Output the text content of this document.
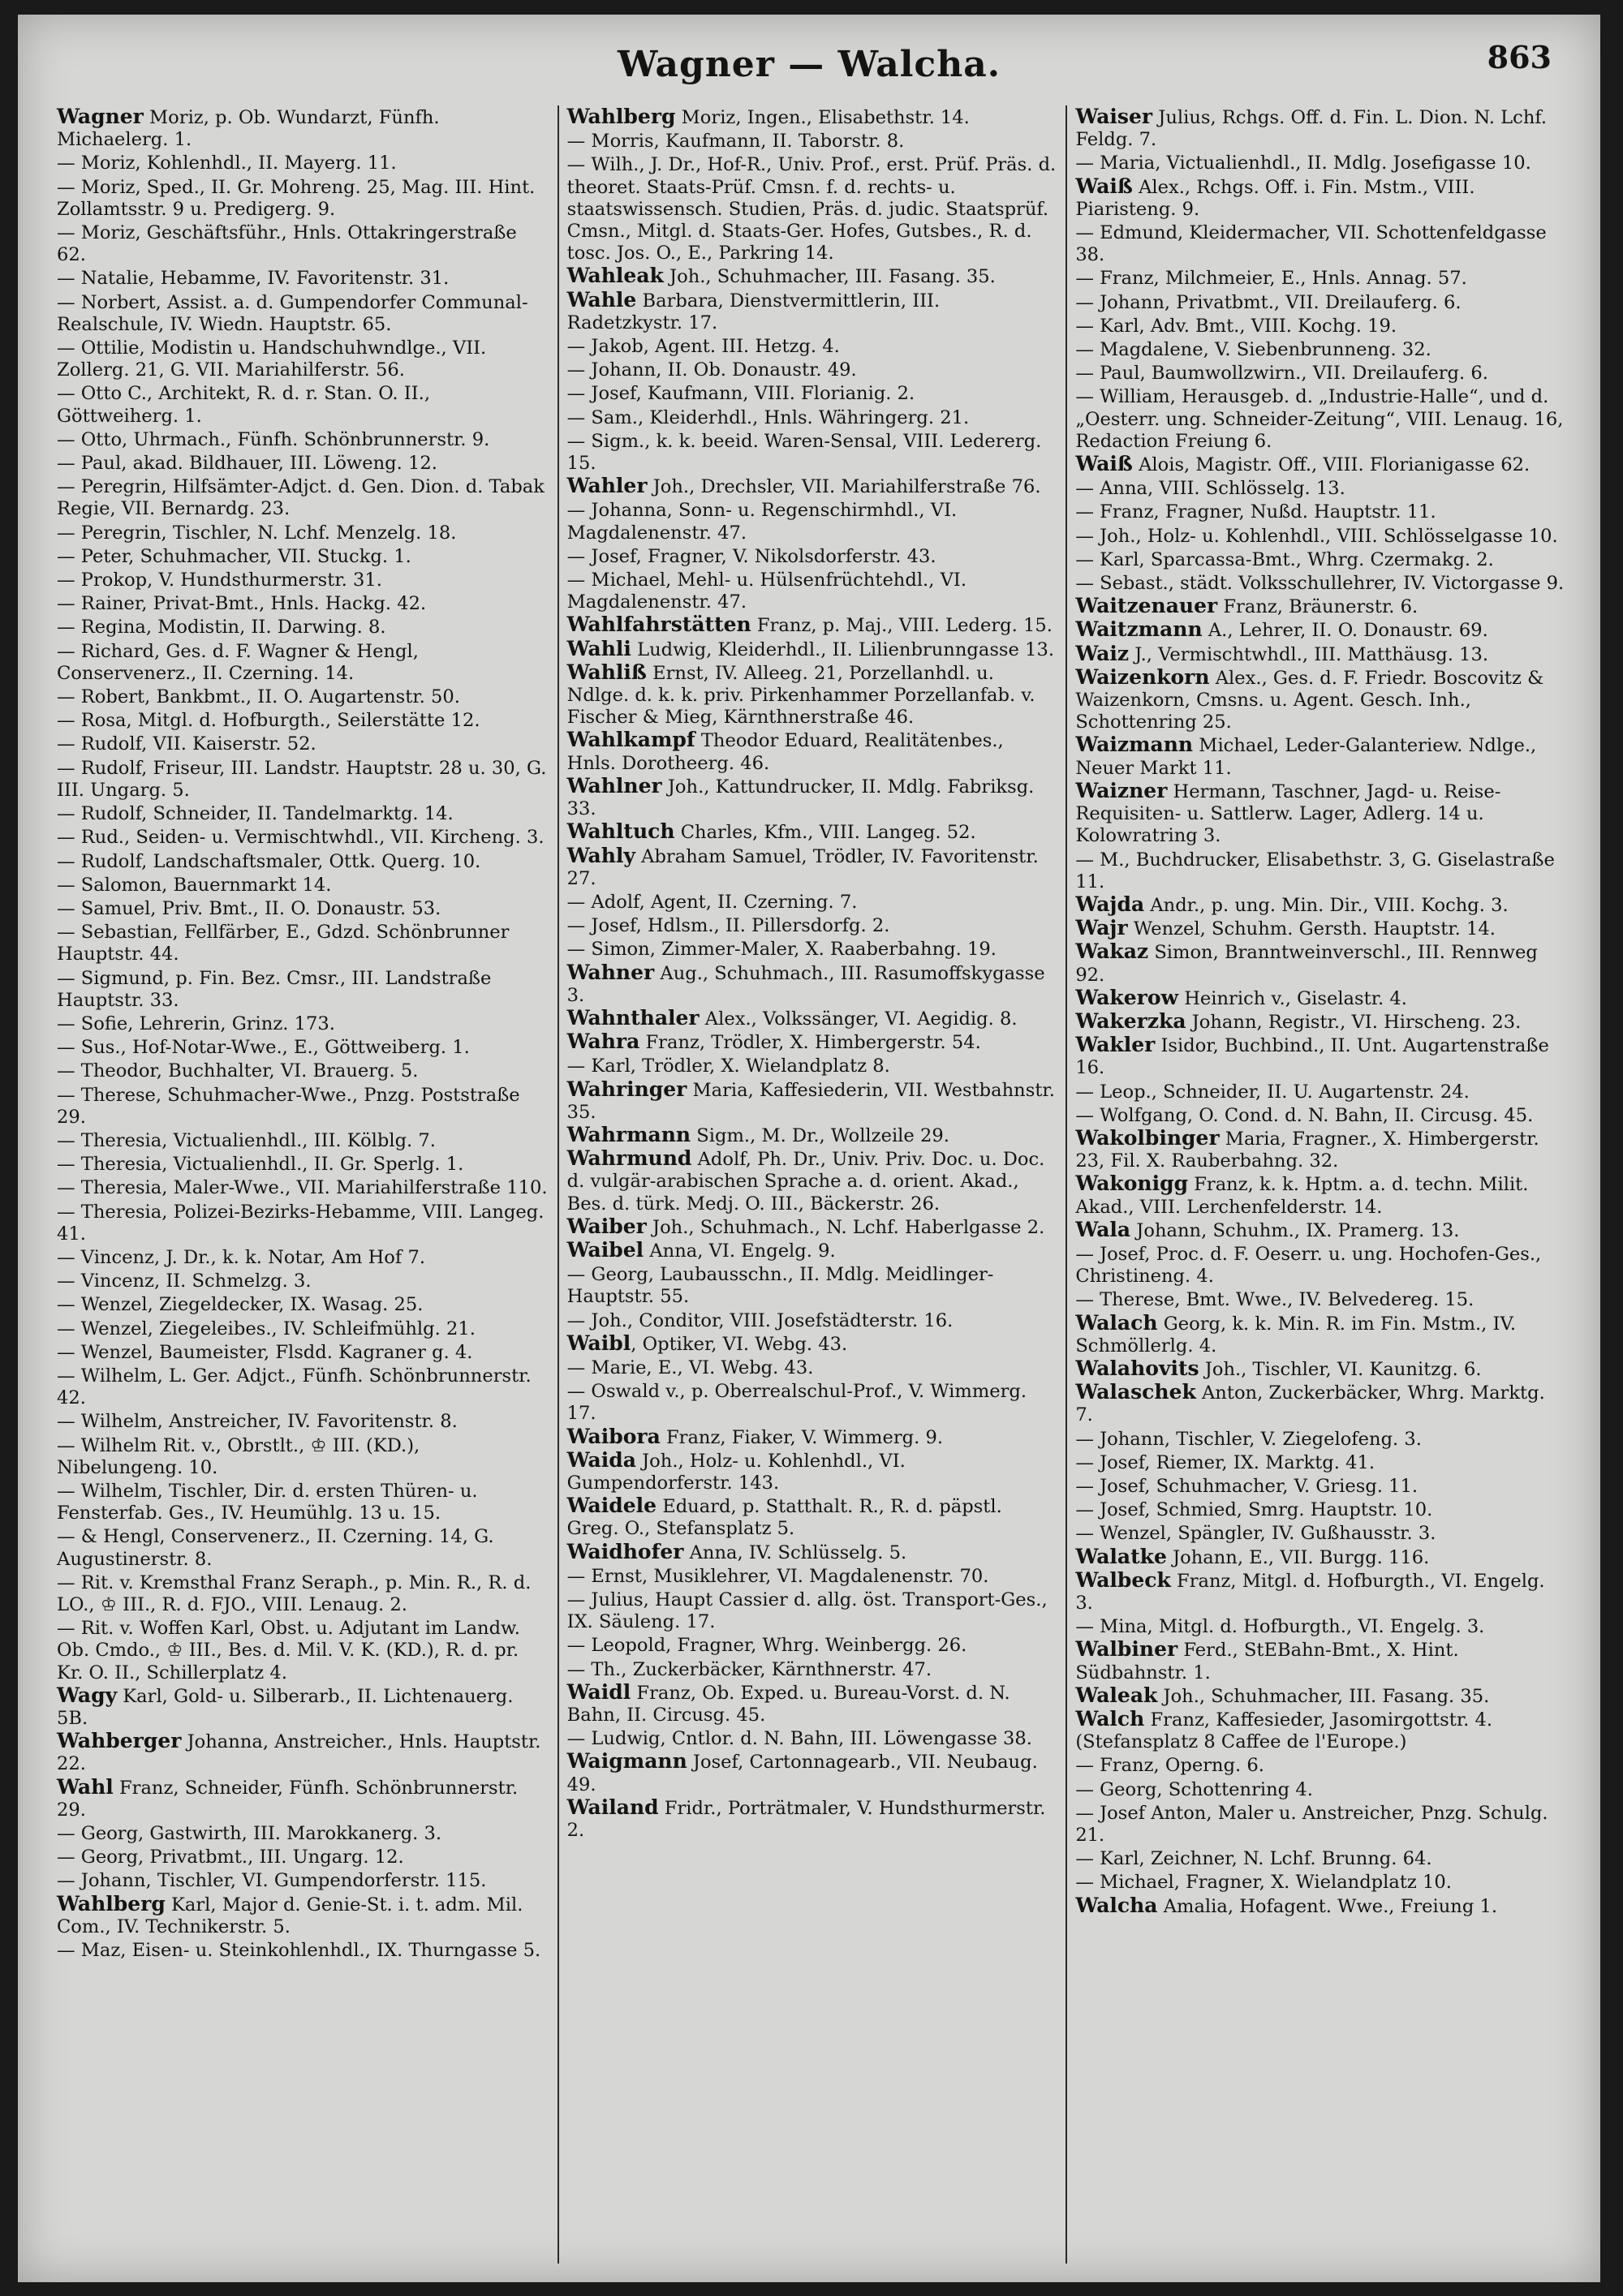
Wagner — Walcha.	863

Wagner Moriz, p. Ob. Wundarzt, Fünfh. Michaelerg. 1.

— Moriz, Kohlenhdl., II. Mayerg. 11.

— Moriz, Sped., II. Gr. Mohreng. 25, Mag. III. Hint. Zollamtsstr. 9 u. Predigerg. 9.

— Moriz, Geschäftsführ., Hnls. Ottakringerstraße 62.

— Natalie, Hebamme, IV. Favoritenstr. 31.

— Norbert, Assist. a. d. Gumpendorfer Communal-Realschule, IV. Wiedn. Hauptstr. 65.

— Ottilie, Modistin u. Handschuhwndlge., VII. Zollerg. 21, G. VII. Mariahilferstr. 56.

— Otto C., Architekt, R. d. r. Stan. O. II., Göttweiherg. 1.

— Otto, Uhrmach., Fünfh. Schönbrunnerstr. 9.

— Paul, akad. Bildhauer, III. Löweng. 12.

— Peregrin, Hilfsämter-Adjct. d. Gen. Dion. d. Tabak Regie, VII. Bernardg. 23.

— Peregrin, Tischler, N. Lchf. Menzelg. 18.

— Peter, Schuhmacher, VII. Stuckg. 1.

— Prokop, V. Hundsthurmerstr. 31.

— Rainer, Privat-Bmt., Hnls. Hackg. 42.

— Regina, Modistin, II. Darwing. 8.

— Richard, Ges. d. F. Wagner & Hengl, Conservenerz., II. Czerning. 14.

— Robert, Bankbmt., II. O. Augartenstr. 50.

— Rosa, Mitgl. d. Hofburgth., Seilerstätte 12.

— Rudolf, VII. Kaiserstr. 52.

— Rudolf, Friseur, III. Landstr. Hauptstr. 28 u. 30, G. III. Ungarg. 5.

— Rudolf, Schneider, II. Tandelmarktg. 14.

— Rud., Seiden- u. Vermischtwhdl., VII. Kircheng. 3.

— Rudolf, Landschaftsmaler, Ottk. Querg. 10.

— Salomon, Bauernmarkt 14.

— Samuel, Priv. Bmt., II. O. Donaustr. 53.

— Sebastian, Fellfärber, E., Gdzd. Schönbrunner Hauptstr. 44.

— Sigmund, p. Fin. Bez. Cmsr., III. Landstraße Hauptstr. 33.

— Sofie, Lehrerin, Grinz. 173.

— Sus., Hof-Notar-Wwe., E., Göttweiberg. 1.

— Theodor, Buchhalter, VI. Brauerg. 5.

— Therese, Schuhmacher-Wwe., Pnzg. Poststraße 29.

— Theresia, Victualienhdl., III. Kölblg. 7.

— Theresia, Victualienhdl., II. Gr. Sperlg. 1.

— Theresia, Maler-Wwe., VII. Mariahilferstraße 110.

— Theresia, Polizei-Bezirks-Hebamme, VIII. Langeg. 41.

— Vincenz, J. Dr., k. k. Notar, Am Hof 7.

— Vincenz, II. Schmelzg. 3.

— Wenzel, Ziegeldecker, IX. Wasag. 25.

— Wenzel, Ziegeleibes., IV. Schleifmühlg. 21.

— Wenzel, Baumeister, Flsdd. Kagraner g. 4.

— Wilhelm, L. Ger. Adjct., Fünfh. Schönbrunnerstr. 42.

— Wilhelm, Anstreicher, IV. Favoritenstr. 8.

— Wilhelm Rit. v., Obrstlt., ♔ III. (KD.), Nibelungeng. 10.

— Wilhelm, Tischler, Dir. d. ersten Thüren- u. Fensterfab. Ges., IV. Heumühlg. 13 u. 15.

— & Hengl, Conservenerz., II. Czerning. 14, G. Augustinerstr. 8.

— Rit. v. Kremsthal Franz Seraph., p. Min. R., R. d. LO., ♔ III., R. d. FJO., VIII. Lenaug. 2.

— Rit. v. Woffen Karl, Obst. u. Adjutant im Landw. Ob. Cmdo., ♔ III., Bes. d. Mil. V. K. (KD.), R. d. pr. Kr. O. II., Schillerplatz 4.

Wagy Karl, Gold- u. Silberarb., II. Lichtenauerg. 5B.

Wahberger Johanna, Anstreicher., Hnls. Hauptstr. 22.

Wahl Franz, Schneider, Fünfh. Schönbrunnerstr. 29.

— Georg, Gastwirth, III. Marokkanerg. 3.

— Georg, Privatbmt., III. Ungarg. 12.

— Johann, Tischler, VI. Gumpendorferstr. 115.

Wahlberg Karl, Major d. Genie-St. i. t. adm. Mil. Com., IV. Technikerstr. 5.

— Maz, Eisen- u. Steinkohlenhdl., IX. Thurngasse 5.

Wahlberg Moriz, Ingen., Elisabethstr. 14.

— Morris, Kaufmann, II. Taborstr. 8.

— Wilh., J. Dr., Hof-R., Univ. Prof., erst. Prüf. Präs. d. theoret. Staats-Prüf. Cmsn. f. d. rechts- u. staatswissensch. Studien, Präs. d. judic. Staatsprüf. Cmsn., Mitgl. d. Staats-Ger. Hofes, Gutsbes., R. d. tosc. Jos. O., E., Parkring 14.

Wahleak Joh., Schuhmacher, III. Fasang. 35.

Wahle Barbara, Dienstvermittlerin, III. Radetzkystr. 17.

— Jakob, Agent. III. Hetzg. 4.

— Johann, II. Ob. Donaustr. 49.

— Josef, Kaufmann, VIII. Florianig. 2.

— Sam., Kleiderhdl., Hnls. Währingerg. 21.

— Sigm., k. k. beeid. Waren-Sensal, VIII. Ledererg. 15.

Wahler Joh., Drechsler, VII. Mariahilferstraße 76.

— Johanna, Sonn- u. Regenschirmhdl., VI. Magdalenenstr. 47.

— Josef, Fragner, V. Nikolsdorferstr. 43.

— Michael, Mehl- u. Hülsenfrüchtehdl., VI. Magdalenenstr. 47.

Wahlfahrstätten Franz, p. Maj., VIII. Lederg. 15.

Wahli Ludwig, Kleiderhdl., II. Lilienbrunngasse 13.

Wahliß Ernst, IV. Alleeg. 21, Porzellanhdl. u. Ndlge. d. k. k. priv. Pirkenhammer Porzellanfab. v. Fischer & Mieg, Kärnthnerstraße 46.

Wahlkampf Theodor Eduard, Realitätenbes., Hnls. Dorotheerg. 46.

Wahlner Joh., Kattundrucker, II. Mdlg. Fabriksg. 33.

Wahltuch Charles, Kfm., VIII. Langeg. 52.

Wahly Abraham Samuel, Trödler, IV. Favoritenstr. 27.

— Adolf, Agent, II. Czerning. 7.

— Josef, Hdlsm., II. Pillersdorfg. 2.

— Simon, Zimmer-Maler, X. Raaberbahng. 19.

Wahner Aug., Schuhmach., III. Rasumoffskygasse 3.

Wahnthaler Alex., Volkssänger, VI. Aegidig. 8.

Wahra Franz, Trödler, X. Himbergerstr. 54.

— Karl, Trödler, X. Wielandplatz 8.

Wahringer Maria, Kaffesiederin, VII. Westbahnstr. 35.

Wahrmann Sigm., M. Dr., Wollzeile 29.

Wahrmund Adolf, Ph. Dr., Univ. Priv. Doc. u. Doc. d. vulgär-arabischen Sprache a. d. orient. Akad., Bes. d. türk. Medj. O. III., Bäckerstr. 26.

Waiber Joh., Schuhmach., N. Lchf. Haberlgasse 2.

Waibel Anna, VI. Engelg. 9.

— Georg, Laubausschn., II. Mdlg. Meidlinger-Hauptstr. 55.

— Joh., Conditor, VIII. Josefstädterstr. 16.

Waibl, Optiker, VI. Webg. 43.

— Marie, E., VI. Webg. 43.

— Oswald v., p. Oberrealschul-Prof., V. Wimmerg. 17.

Waibora Franz, Fiaker, V. Wimmerg. 9.

Waida Joh., Holz- u. Kohlenhdl., VI. Gumpendorferstr. 143.

Waidele Eduard, p. Statthalt. R., R. d. päpstl. Greg. O., Stefansplatz 5.

Waidhofer Anna, IV. Schlüsselg. 5.

— Ernst, Musiklehrer, VI. Magdalenenstr. 70.

— Julius, Haupt Cassier d. allg. öst. Transport-Ges., IX. Säuleng. 17.

— Leopold, Fragner, Whrg. Weinbergg. 26.

— Th., Zuckerbäcker, Kärnthnerstr. 47.

Waidl Franz, Ob. Exped. u. Bureau-Vorst. d. N. Bahn, II. Circusg. 45.

— Ludwig, Cntlor. d. N. Bahn, III. Löwengasse 38.

Waigmann Josef, Cartonnagearb., VII. Neubaug. 49.

Wailand Fridr., Porträtmaler, V. Hundsthurmerstr. 2.

Waiser Julius, Rchgs. Off. d. Fin. L. Dion. N. Lchf. Feldg. 7.

— Maria, Victualienhdl., II. Mdlg. Josefigasse 10.

Waiß Alex., Rchgs. Off. i. Fin. Mstm., VIII. Piaristeng. 9.

— Edmund, Kleidermacher, VII. Schottenfeldgasse 38.

— Franz, Milchmeier, E., Hnls. Annag. 57.

— Johann, Privatbmt., VII. Dreilauferg. 6.

— Karl, Adv. Bmt., VIII. Kochg. 19.

— Magdalene, V. Siebenbrunneng. 32.

— Paul, Baumwollzwirn., VII. Dreilauferg. 6.

— William, Herausgeb. d. „Industrie-Halle“, und d. „Oesterr. ung. Schneider-Zeitung“, VIII. Lenaug. 16, Redaction Freiung 6.

Waiß Alois, Magistr. Off., VIII. Florianigasse 62.

— Anna, VIII. Schlösselg. 13.

— Franz, Fragner, Nußd. Hauptstr. 11.

— Joh., Holz- u. Kohlenhdl., VIII. Schlösselgasse 10.

— Karl, Sparcassa-Bmt., Whrg. Czermakg. 2.

— Sebast., städt. Volksschullehrer, IV. Victorgasse 9.

Waitzenauer Franz, Bräunerstr. 6.

Waitzmann A., Lehrer, II. O. Donaustr. 69.

Waiz J., Vermischtwhdl., III. Matthäusg. 13.

Waizenkorn Alex., Ges. d. F. Friedr. Boscovitz & Waizenkorn, Cmsns. u. Agent. Gesch. Inh., Schottenring 25.

Waizmann Michael, Leder-Galanteriew. Ndlge., Neuer Markt 11.

Waizner Hermann, Taschner, Jagd- u. Reise-Requisiten- u. Sattlerw. Lager, Adlerg. 14 u. Kolowratring 3.

— M., Buchdrucker, Elisabethstr. 3, G. Giselastraße 11.

Wajda Andr., p. ung. Min. Dir., VIII. Kochg. 3.

Wajr Wenzel, Schuhm. Gersth. Hauptstr. 14.

Wakaz Simon, Branntweinverschl., III. Rennweg 92.

Wakerow Heinrich v., Giselastr. 4.

Wakerzka Johann, Registr., VI. Hirscheng. 23.

Wakler Isidor, Buchbind., II. Unt. Augartenstraße 16.

— Leop., Schneider, II. U. Augartenstr. 24.

— Wolfgang, O. Cond. d. N. Bahn, II. Circusg. 45.

Wakolbinger Maria, Fragner., X. Himbergerstr. 23, Fil. X. Rauberbahng. 32.

Wakonigg Franz, k. k. Hptm. a. d. techn. Milit. Akad., VIII. Lerchenfelderstr. 14.

Wala Johann, Schuhm., IX. Pramerg. 13.

— Josef, Proc. d. F. Oeserr. u. ung. Hochofen-Ges., Christineng. 4.

— Therese, Bmt. Wwe., IV. Belvedereg. 15.

Walach Georg, k. k. Min. R. im Fin. Mstm., IV. Schmöllerlg. 4.

Walahovits Joh., Tischler, VI. Kaunitzg. 6.

Walaschek Anton, Zuckerbäcker, Whrg. Marktg. 7.

— Johann, Tischler, V. Ziegelofeng. 3.

— Josef, Riemer, IX. Marktg. 41.

— Josef, Schuhmacher, V. Griesg. 11.

— Josef, Schmied, Smrg. Hauptstr. 10.

— Wenzel, Spängler, IV. Gußhausstr. 3.

Walatke Johann, E., VII. Burgg. 116.

Walbeck Franz, Mitgl. d. Hofburgth., VI. Engelg. 3.

— Mina, Mitgl. d. Hofburgth., VI. Engelg. 3.

Walbiner Ferd., StEBahn-Bmt., X. Hint. Südbahnstr. 1.

Waleak Joh., Schuhmacher, III. Fasang. 35.

Walch Franz, Kaffesieder, Jasomirgottstr. 4. (Stefansplatz 8 Caffee de l'Europe.)

— Franz, Operng. 6.

— Georg, Schottenring 4.

— Josef Anton, Maler u. Anstreicher, Pnzg. Schulg. 21.

— Karl, Zeichner, N. Lchf. Brunng. 64.

— Michael, Fragner, X. Wielandplatz 10.

Walcha Amalia, Hofagent. Wwe., Freiung 1.
